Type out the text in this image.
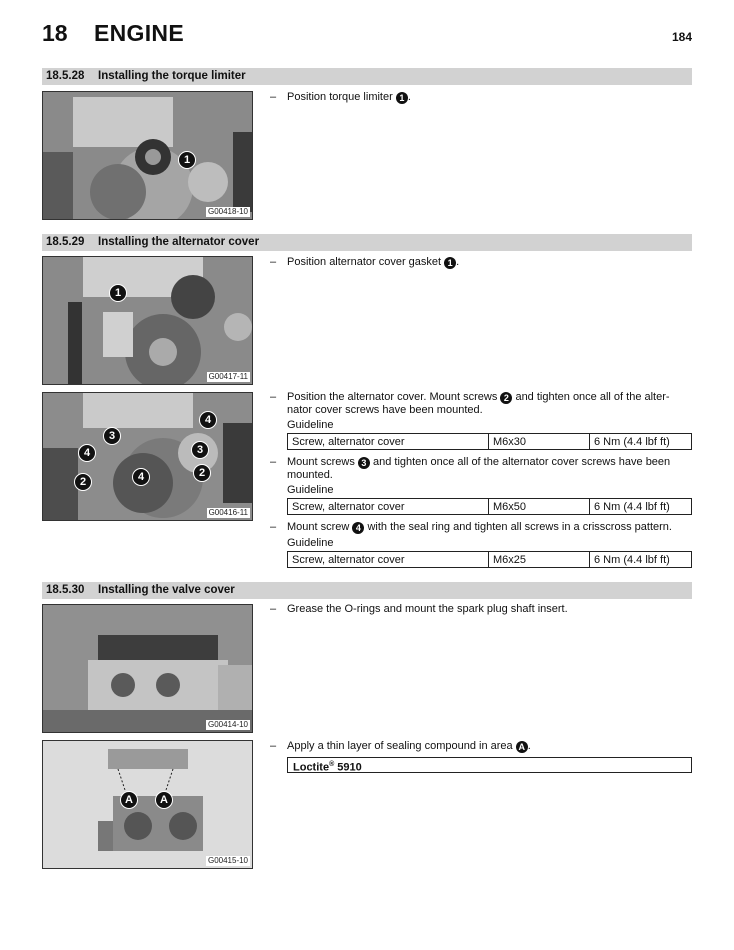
18 ENGINE	184
18.5.28 Installing the torque limiter
1
G00418-10
– Position torque limiter 1 .
18.5.29 Installing the alternator cover
1
G00417-11
– Position alternator cover gasket 1 .
4
3
4	3
2
4
2
G00416-11
– Position the alternator cover. Mount screws 2 and tighten once all of the alter-
nator cover screws have been mounted.
Guideline
Screw, alternator cover	M6x30	6 Nm (4.4 lbf ft)
– Mount screws 3 and tighten once all of the alternator cover screws have been
mounted.
Guideline
Screw, alternator cover	M6x50	6 Nm (4.4 lbf ft)
– Mount screw 4 with the seal ring and tighten all screws in a crisscross pattern.
Guideline
Screw, alternator cover	M6x25	6 Nm (4.4 lbf ft)
18.5.30 Installing the valve cover
G00414-10
– Grease the O-rings and mount the spark plug shaft insert.
A	A
G00415-10
– Apply a thin layer of sealing compound in area A .
Loctite® 5910
